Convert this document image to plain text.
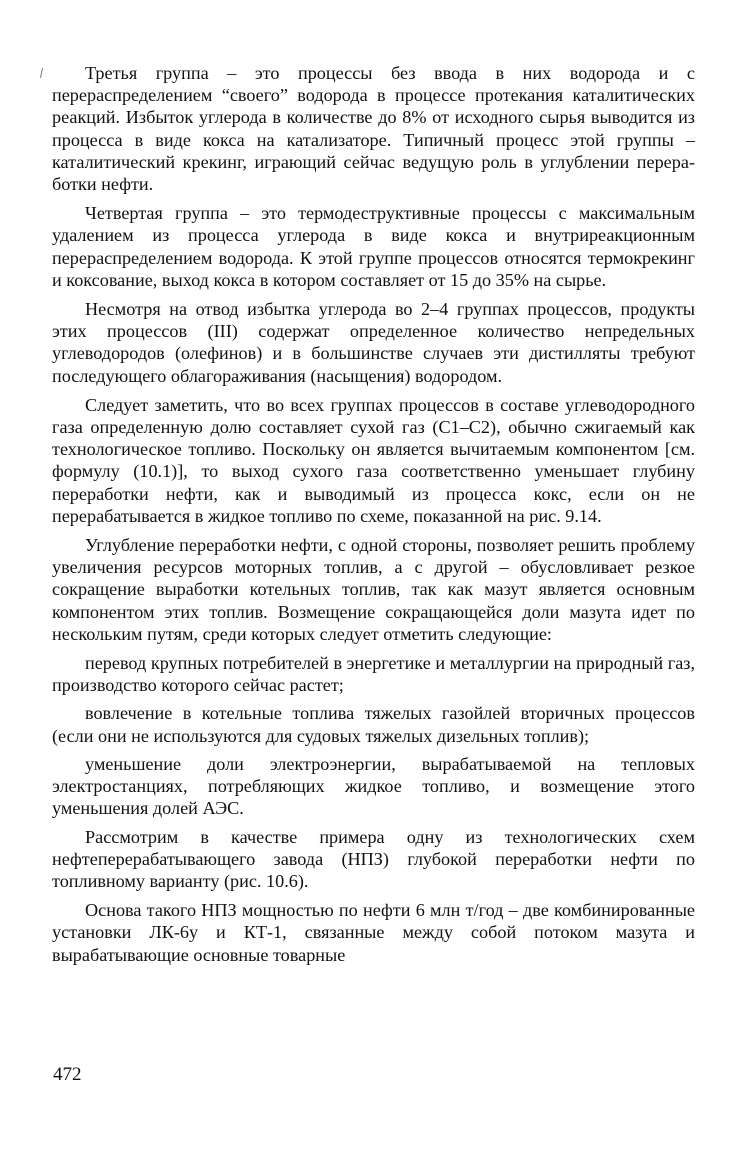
Третья группа – это процессы без ввода в них водорода и с перераспределением “своего” водорода в процессе протекания каталитических реакций. Избыток углерода в количестве до 8% от исходного сырья выводится из процесса в виде кокса на катализаторе. Типичный процесс этой группы – каталитический крекинг, играющий сейчас ведущую роль в углублении переработки нефти.

Четвертая группа – это термодеструктивные процессы с максимальным удалением из процесса углерода в виде кокса и внутриреакционным перераспределением водорода. К этой группе процессов относятся термокрекинг и коксование, выход кокса в котором составляет от 15 до 35% на сырье.

Несмотря на отвод избытка углерода во 2–4 группах процессов, продукты этих процессов (III) содержат определенное количество непредельных углеводородов (олефинов) и в большинстве случаев эти дистилляты требуют последующего облагораживания (насыщения) водородом.

Следует заметить, что во всех группах процессов в составе углеводородного газа определенную долю составляет сухой газ (C1–C2), обычно сжигаемый как технологическое топливо. Поскольку он является вычитаемым компонентом [см. формулу (10.1)], то выход сухого газа соответственно уменьшает глубину переработки нефти, как и выводимый из процесса кокс, если он не перерабатывается в жидкое топливо по схеме, показанной на рис. 9.14.

Углубление переработки нефти, с одной стороны, позволяет решить проблему увеличения ресурсов моторных топлив, а с другой – обусловливает резкое сокращение выработки котельных топлив, так как мазут является основным компонентом этих топлив. Возмещение сокращающейся доли мазута идет по нескольким путям, среди которых следует отметить следующие:

перевод крупных потребителей в энергетике и металлургии на природный газ, производство которого сейчас растет;

вовлечение в котельные топлива тяжелых газойлей вторичных процессов (если они не используются для судовых тяжелых дизельных топлив);

уменьшение доли электроэнергии, вырабатываемой на тепловых электростанциях, потребляющих жидкое топливо, и возмещение этого уменьшения долей АЭС.

Рассмотрим в качестве примера одну из технологических схем нефтеперерабатывающего завода (НПЗ) глубокой переработки нефти по топливному варианту (рис. 10.6).

Основа такого НПЗ мощностью по нефти 6 млн т/год – две комбинированные установки ЛК-6у и КТ-1, связанные между собой потоком мазута и вырабатывающие основные товарные

472
